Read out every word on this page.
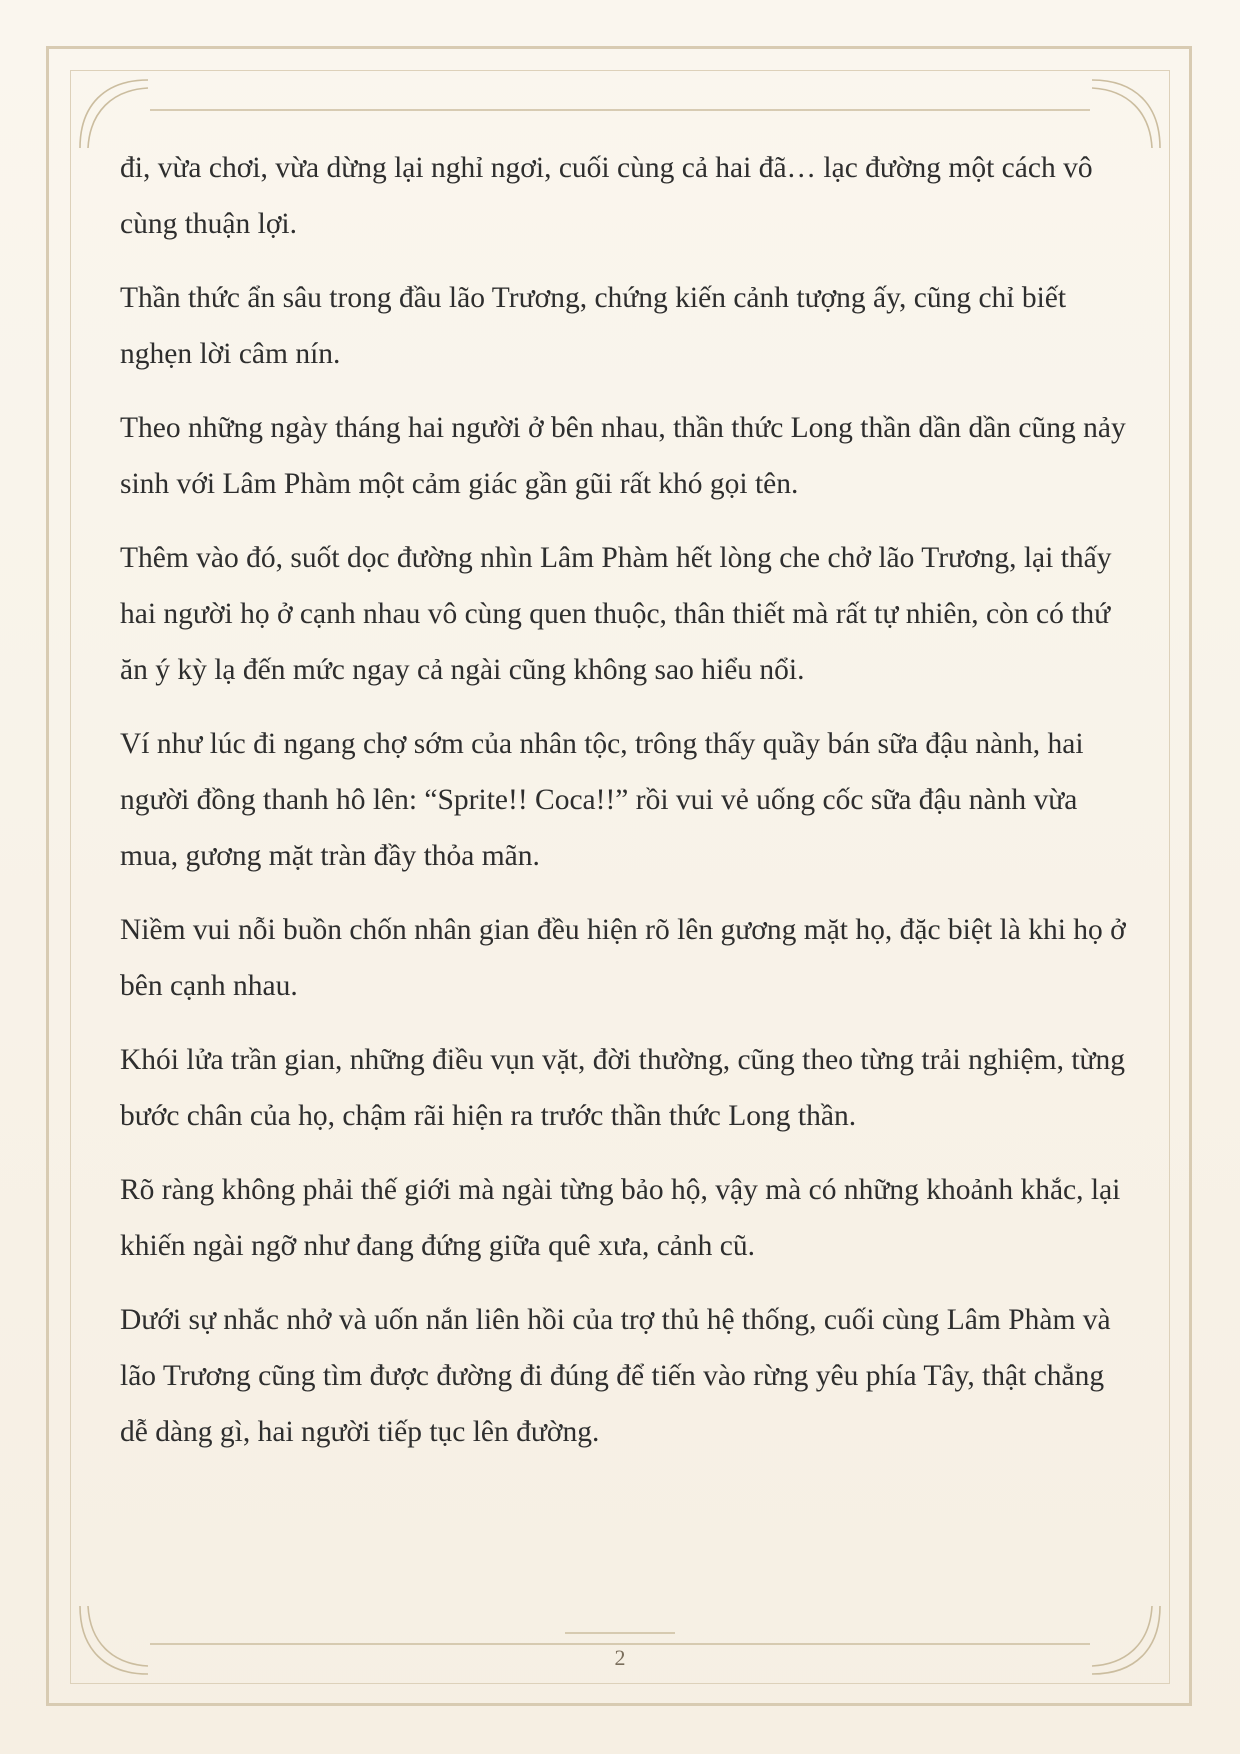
đi, vừa chơi, vừa dừng lại nghỉ ngơi, cuối cùng cả hai đã… lạc đường một cách vô cùng thuận lợi.

Thần thức ẩn sâu trong đầu lão Trương, chứng kiến cảnh tượng ấy, cũng chỉ biết nghẹn lời câm nín.

Theo những ngày tháng hai người ở bên nhau, thần thức Long thần dần dần cũng nảy sinh với Lâm Phàm một cảm giác gần gũi rất khó gọi tên.

Thêm vào đó, suốt dọc đường nhìn Lâm Phàm hết lòng che chở lão Trương, lại thấy hai người họ ở cạnh nhau vô cùng quen thuộc, thân thiết mà rất tự nhiên, còn có thứ ăn ý kỳ lạ đến mức ngay cả ngài cũng không sao hiểu nổi.

Ví như lúc đi ngang chợ sớm của nhân tộc, trông thấy quầy bán sữa đậu nành, hai người đồng thanh hô lên: “Sprite!! Coca!!” rồi vui vẻ uống cốc sữa đậu nành vừa mua, gương mặt tràn đầy thỏa mãn.

Niềm vui nỗi buồn chốn nhân gian đều hiện rõ lên gương mặt họ, đặc biệt là khi họ ở bên cạnh nhau.

Khói lửa trần gian, những điều vụn vặt, đời thường, cũng theo từng trải nghiệm, từng bước chân của họ, chậm rãi hiện ra trước thần thức Long thần.

Rõ ràng không phải thế giới mà ngài từng bảo hộ, vậy mà có những khoảnh khắc, lại khiến ngài ngỡ như đang đứng giữa quê xưa, cảnh cũ.

Dưới sự nhắc nhở và uốn nắn liên hồi của trợ thủ hệ thống, cuối cùng Lâm Phàm và lão Trương cũng tìm được đường đi đúng để tiến vào rừng yêu phía Tây, thật chẳng dễ dàng gì, hai người tiếp tục lên đường.

2
